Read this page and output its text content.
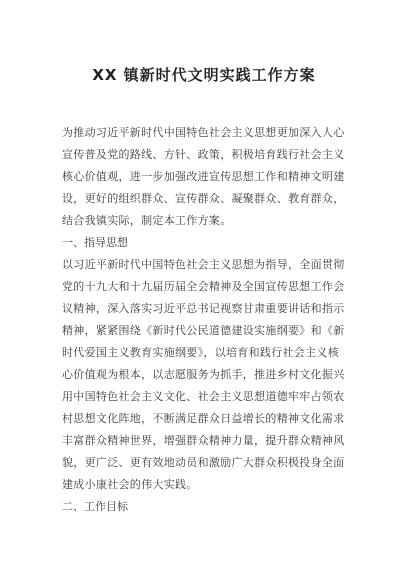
XX 镇新时代文明实践工作方案
为推动习近平新时代中国特色社会主义思想更加深入人心
宣传普及党的路线、方针、政策，积极培育践行社会主义
核心价值观，进一步加强改进宣传思想工作和精神文明建
设，更好的组织群众、宣传群众、凝聚群众、教育群众，
结合我镇实际，制定本工作方案。
一、指导思想
以习近平新时代中国特色社会主义思想为指导，全面贯彻
党的十九大和十九届历届全会精神及全国宣传思想工作会
议精神，深入落实习近平总书记视察甘肃重要讲话和指示
精神，紧紧围绕《新时代公民道德建设实施纲要》和《新
时代爱国主义教育实施纲要》，以培育和践行社会主义核
心价值观为根本，以志愿服务为抓手，推进乡村文化振兴
用中国特色社会主义文化、社会主义思想道德牢牢占领农
村思想文化阵地，不断满足群众日益增长的精神文化需求
丰富群众精神世界，增强群众精神力量，提升群众精神风
貌，更广泛、更有效地动员和激励广大群众积极投身全面
建成小康社会的伟大实践。
二、工作目标
